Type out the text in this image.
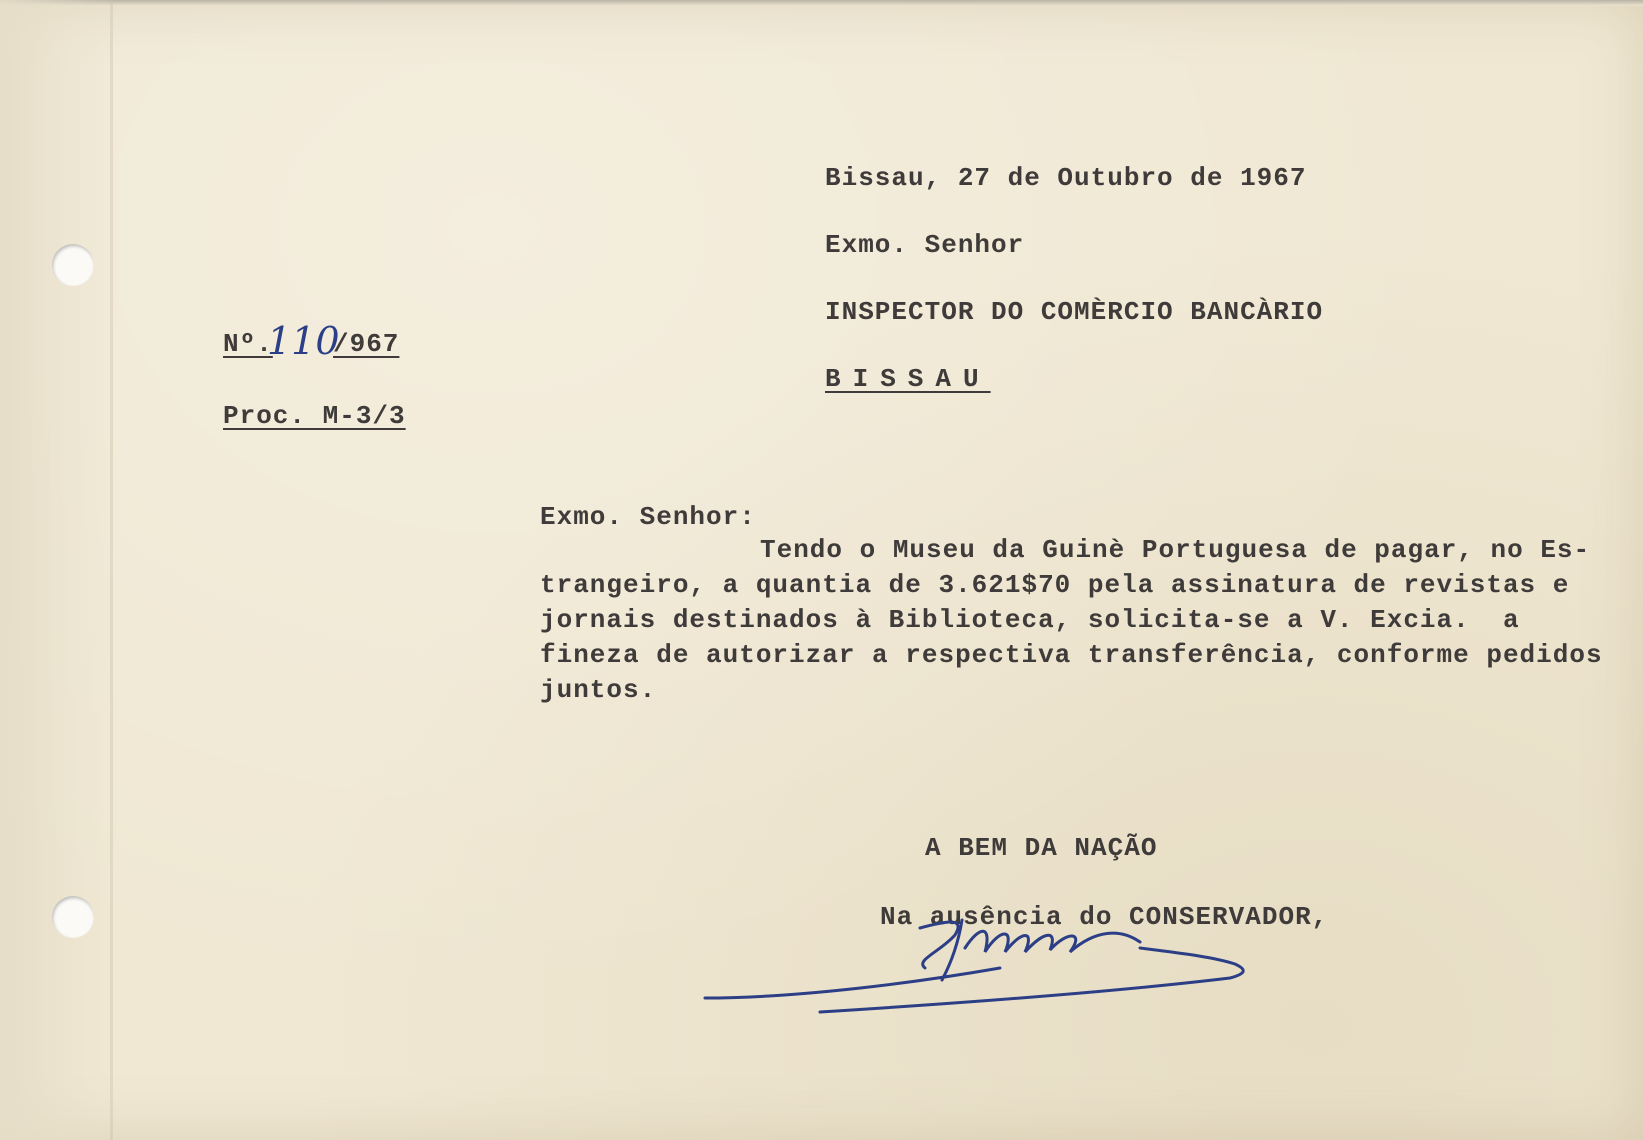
Bissau, 27 de Outubro de 1967
Exmo. Senhor
INSPECTOR DO COMÈRCIO BANCÀRIO
BISSAU
Nº.
110
/967
Proc. M-3/3
Exmo. Senhor:
Tendo o Museu da Guinè Portuguesa de pagar, no Es-
trangeiro, a quantia de 3.621$70 pela assinatura de revistas e
jornais destinados à Biblioteca, solicita-se a V. Excia.  a
fineza de autorizar a respectiva transferência, conforme pedidos
juntos.
A BEM DA NAÇÃO
Na ausência do CONSERVADOR,
